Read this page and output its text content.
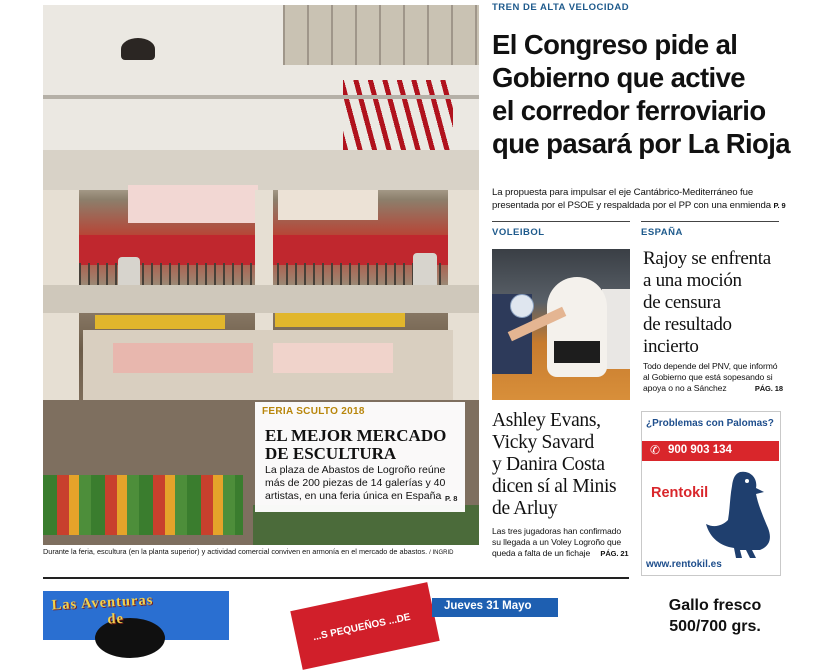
FERIA SCULTO 2018
EL MEJOR MERCADO
DE ESCULTURA
La plaza de Abastos de Logroño reúne
más de 200 piezas de 14 galerías y 40
artistas, en una feria única en España P. 8
Durante la feria, escultura (en la planta superior) y actividad comercial conviven en armonía en el mercado de abastos. / INGRID
TREN DE ALTA VELOCIDAD
El Congreso pide al
Gobierno que active
el corredor ferroviario
que pasará por La Rioja
La propuesta para impulsar el eje Cantábrico-Mediterráneo fue
presentada por el PSOE y respaldada por el PP con una enmienda P. 9
VOLEIBOL
Ashley Evans,
Vicky Savard
y Danira Costa
dicen sí al Minis
de Arluy
Las tres jugadoras han confirmado
su llegada a un Voley Logroño que
queda a falta de un fichaje PÁG. 21
ESPAÑA
Rajoy se enfrenta
a una moción
de censura
de resultado
incierto
Todo depende del PNV, que informó
al Gobierno que está sopesando si
apoya o no a Sánchez	PÁG. 18
¿Problemas con Palomas?
✆ 900 903 134
Rentokil
www.rentokil.es
Las Aventuras
de	...S PEQUEÑOS ...DE
Jueves 31 Mayo	Gallo fresco
500/700 grs.
